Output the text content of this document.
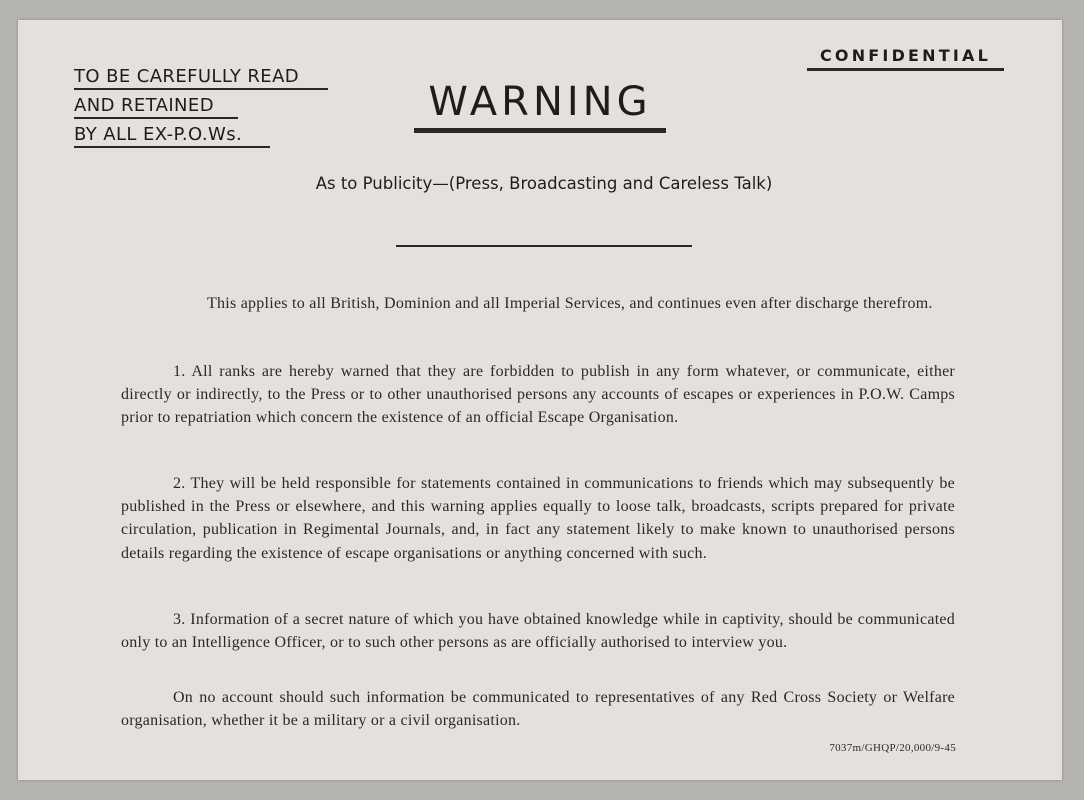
CONFIDENTIAL
TO BE CAREFULLY READ
AND RETAINED
BY ALL EX-P.O.Ws.
WARNING
As to Publicity—(Press, Broadcasting and Careless Talk)

This applies to all British, Dominion and all Imperial Services, and continues even after discharge therefrom.

1. All ranks are hereby warned that they are forbidden to publish in any form whatever, or communicate, either directly or indirectly, to the Press or to other unauthorised persons any accounts of escapes or experiences in P.O.W. Camps prior to repatriation which concern the existence of an official Escape Organisation.

2. They will be held responsible for statements contained in communications to friends which may subsequently be published in the Press or elsewhere, and this warning applies equally to loose talk, broadcasts, scripts prepared for private circulation, publication in Regimental Journals, and, in fact any statement likely to make known to unauthorised persons details regarding the existence of escape organisations or anything concerned with such.

3. Information of a secret nature of which you have obtained knowledge while in captivity, should be communicated only to an Intelligence Officer, or to such other persons as are officially authorised to interview you.

On no account should such information be communicated to representatives of any Red Cross Society or Welfare organisation, whether it be a military or a civil organisation.

7037m/GHQP/20,000/9-45
